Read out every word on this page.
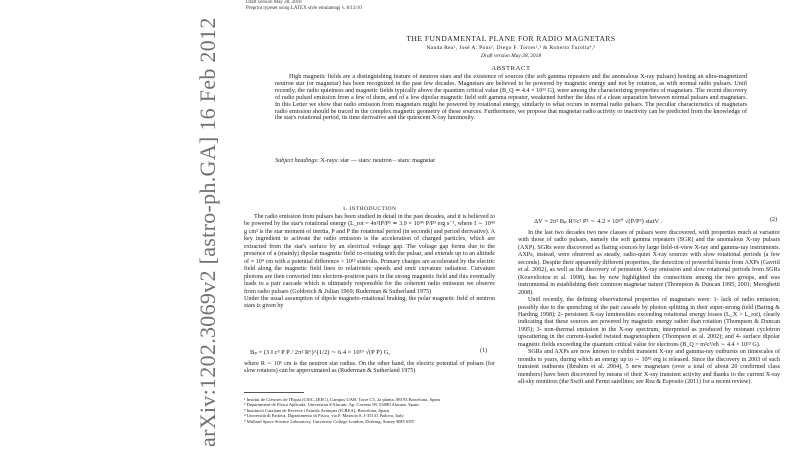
arXiv:1202.3069v2 [astro-ph.GA] 16 Feb 2012
Draft version May 28, 2018
Preprint typeset using LATEX style emulateapj v. 8/13/10
THE FUNDAMENTAL PLANE FOR RADIO MAGNETARS
Nanda Rea¹, José A. Pons², Diego F. Torres¹,³ & Roberto Turolla⁴,⁵
Draft version May 28, 2018
ABSTRACT
High magnetic fields are a distinguishing feature of neutron stars and the existence of sources (the soft gamma repeaters and the anomalous X-ray pulsars) hosting an ultra-magnetized neutron star (or magnetar) has been recognized in the past few decades. Magnetars are believed to be powered by magnetic energy and not by rotation, as with normal radio pulsars. Until recently, the radio quietness and magnetic fields typically above the quantum critical value (B_Q ≃ 4.4 × 10¹³ G), were among the characterizing properties of magnetars. The recent discovery of radio pulsed emission from a few of them, and of a low dipolar magnetic field soft gamma repeater, weakened further the idea of a clean separation between normal pulsars and magnetars. In this Letter we show that radio emission from magnetars might be powered by rotational energy, similarly to what occurs in normal radio pulsars. The peculiar characteristics of magnetars radio emission should be traced in the complex magnetic geometry of these sources. Furthermore, we propose that magnetar radio activity or inactivity can be predicted from the knowledge of the star's rotational period, its time derivative and the quiescent X-ray luminosity.
Subject headings: X-rays: star — stars: neutron – stars: magnetar
1. INTRODUCTION

The radio emission from pulsars has been studied in detail in the past decades, and it is believed to be powered by the star's rotational energy (L_rot = 4π²IṖ/P³ ≃ 3.9 × 10⁴⁶ Ṗ/P³ erg s⁻¹, where I ∼ 10⁴⁵ g cm² is the star moment of inertia, P and Ṗ the rotational period (in seconds) and period derivative). A key ingredient to activate the radio emission is the acceleration of charged particles, which are extracted from the star's surface by an electrical voltage gap. The voltage gap forms due to the presence of a (mainly) dipolar magnetic field co-rotating with the pulsar, and extends up to an altitude of ≈ 10⁴ cm with a potential difference > 10¹² statvolts. Primary charges are accelerated by the electric field along the magnetic field lines to relativistic speeds and emit curvature radiation. Curvature photons are then converted into electron-positron pairs in the strong magnetic field and this eventually leads to a pair cascade which is ultimately responsible for the coherent radio emission we observe from radio pulsars (Goldreich & Julian 1969; Ruderman & Sutherland 1975)

Under the usual assumption of dipole magneto-rotational braking, the polar magnetic field of neutron stars is given by

Bₚ = (3 I c³ P Ṗ / 2π² R⁶)^(1/2) ∼ 6.4 × 10¹⁹ √(P Ṗ) G,	(1)

where R ∼ 10⁶ cm is the neutron star radius. On the other hand, the electric potential of pulsars (for slow rotators) can be approximated as (Ruderman & Sutherland 1975)

ΔV = 2π² Bₚ R³/c² P² ∼ 4.2 × 10²⁰ √(Ṗ/P³) statV .	(2)

In the last two decades two new classes of pulsars were discovered, with properties much at variance with those of radio pulsars, namely the soft gamma repeaters (SGR) and the anomalous X-ray pulsars (AXP). SGRs were discovered as flaring sources by large field-of-view X-ray and gamma-ray instruments. AXPs, instead, were observed as steady, radio-quiet X-ray sources with slow rotational periods (a few seconds). Despite their apparently different properties, the detection of powerful bursts from AXPs (Gavriil et al. 2002), as well as the discovery of persistent X-ray emission and slow rotational periods from SGRs (Kouveliotou et al. 1998), has by now highlighted the connections among the two groups, and was instrumental in establishing their common magnetar nature (Thompson & Duncan 1995, 2001; Mereghetti 2008).

Until recently, the defining observational properties of magnetars were: 1- lack of radio emission, possibly due to the quenching of the pair cascade by photon splitting in their super-strong field (Baring & Harding 1998); 2- persistent X-ray luminosities exceeding rotational energy losses (L_X > L_rot), clearly indicating that these sources are powered by magnetic energy rather than rotation (Thompson & Duncan 1995); 3- non-thermal emission in the X-ray spectrum, interpreted as produced by resonant cyclotron upscattering in the current-loaded twisted magnetosphere (Thompson et al. 2002); and 4- surface dipolar magnetic fields exceeding the quantum critical value for electrons (B_Q = m²c³/eħ ∼ 4.4 × 10¹³ G).

SGRs and AXPs are now known to exhibit transient X-ray and gamma-ray outbursts on timescales of months to years, during which an energy up to ∼ 10⁴³ erg is released. Since the discovery in 2003 of such transient outbursts (Ibrahim et al. 2004), 5 new magnetars (over a total of about 20 confirmed class members) have been discovered by means of their X-ray transient activity and thanks to the current X-ray all-sky monitors (the Swift and Fermi satellites; see Rea & Esposito (2011) for a recent review).

¹ Institut de Ciències de l'Espai (CSIC–IEEC), Campus UAB, Torre C5, 2a planta, 08193 Barcelona, Spain

² Departament de Física Aplicada, Universitat d'Alacant, Ap. Correus 99, 03080 Alacant, Spain.

³ Institució Catalana de Recerca i Estudis Avançats (ICREA), Barcelona, Spain.

⁴ Università di Padova, Dipartimento di Fisica, via F. Marzolo 8, I-35131 Padova, Italy.

⁵ Mullard Space Science Laboratory, University College London, Dorking, Surrey RH5 6NT
